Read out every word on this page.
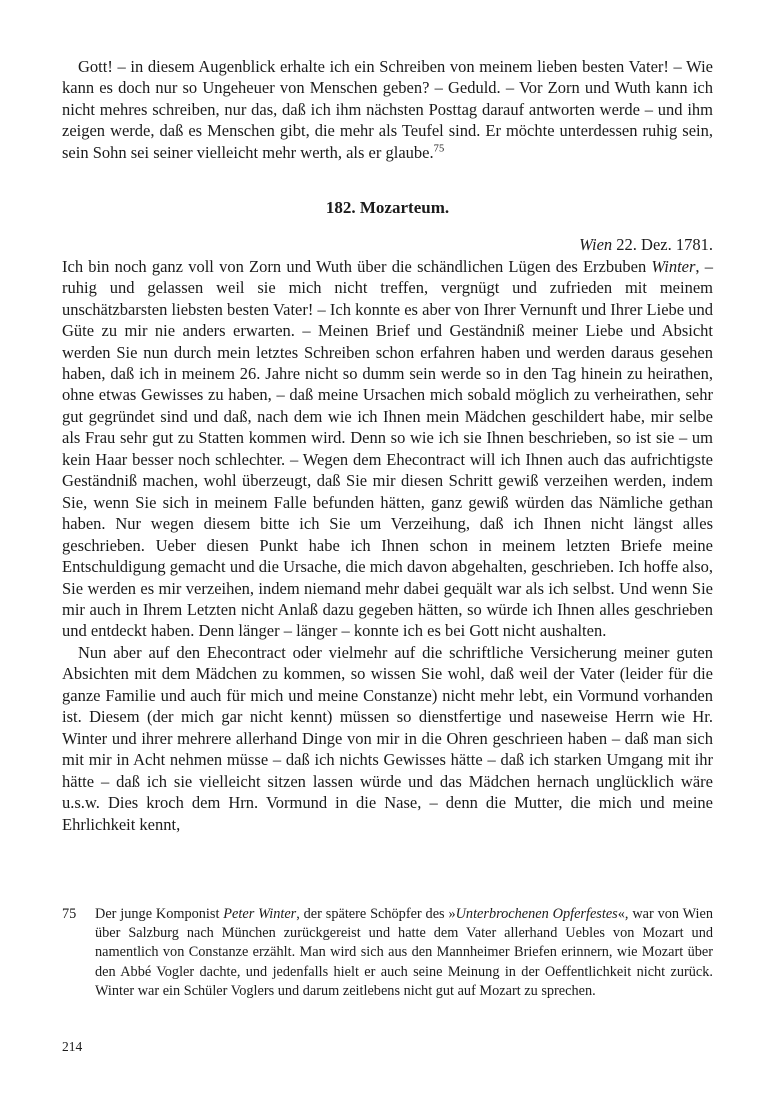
Gott! – in diesem Augenblick erhalte ich ein Schreiben von meinem lieben besten Vater! – Wie kann es doch nur so Ungeheuer von Menschen geben? – Geduld. – Vor Zorn und Wuth kann ich nicht mehres schreiben, nur das, daß ich ihm nächsten Posttag darauf antworten werde – und ihm zeigen werde, daß es Menschen gibt, die mehr als Teufel sind. Er möchte unterdessen ruhig sein, sein Sohn sei seiner vielleicht mehr werth, als er glaube.$^{75}$

182. Mozarteum.

Wien 22. Dez. 1781.

Ich bin noch ganz voll von Zorn und Wuth über die schändlichen Lügen des Erzbuben Winter, – ruhig und gelassen weil sie mich nicht treffen, vergnügt und zufrieden mit meinem unschätzbarsten liebsten besten Vater! – Ich konnte es aber von Ihrer Vernunft und Ihrer Liebe und Güte zu mir nie anders erwarten. – Meinen Brief und Geständniß meiner Liebe und Absicht werden Sie nun durch mein letztes Schreiben schon erfahren haben und werden daraus gesehen haben, daß ich in meinem 26. Jahre nicht so dumm sein werde so in den Tag hinein zu heirathen, ohne etwas Gewisses zu haben, – daß meine Ursachen mich sobald möglich zu verheirathen, sehr gut gegründet sind und daß, nach dem wie ich Ihnen mein Mädchen geschildert habe, mir selbe als Frau sehr gut zu Statten kommen wird. Denn so wie ich sie Ihnen beschrieben, so ist sie – um kein Haar besser noch schlechter. – Wegen dem Ehecontract will ich Ihnen auch das aufrichtigste Geständniß machen, wohl überzeugt, daß Sie mir diesen Schritt gewiß verzeihen werden, indem Sie, wenn Sie sich in meinem Falle befunden hätten, ganz gewiß würden das Nämliche gethan haben. Nur wegen diesem bitte ich Sie um Verzeihung, daß ich Ihnen nicht längst alles geschrieben. Ueber diesen Punkt habe ich Ihnen schon in meinem letzten Briefe meine Entschuldigung gemacht und die Ursache, die mich davon abgehalten, geschrieben. Ich hoffe also, Sie werden es mir verzeihen, indem niemand mehr dabei gequält war als ich selbst. Und wenn Sie mir auch in Ihrem Letzten nicht Anlaß dazu gegeben hätten, so würde ich Ihnen alles geschrieben und entdeckt haben. Denn länger – länger – konnte ich es bei Gott nicht aushalten.

Nun aber auf den Ehecontract oder vielmehr auf die schriftliche Versicherung meiner guten Absichten mit dem Mädchen zu kommen, so wissen Sie wohl, daß weil der Vater (leider für die ganze Familie und auch für mich und meine Constanze) nicht mehr lebt, ein Vormund vorhanden ist. Diesem (der mich gar nicht kennt) müssen so dienstfertige und naseweise Herrn wie Hr. Winter und ihrer mehrere allerhand Dinge von mir in die Ohren geschrieen haben – daß man sich mit mir in Acht nehmen müsse – daß ich nichts Gewisses hätte – daß ich starken Umgang mit ihr hätte – daß ich sie vielleicht sitzen lassen würde und das Mädchen hernach unglücklich wäre u.s.w. Dies kroch dem Hrn. Vormund in die Nase, – denn die Mutter, die mich und meine Ehrlichkeit kennt,

75	Der junge Komponist Peter Winter, der spätere Schöpfer des »Unterbrochenen Opferfestes«, war von Wien über Salzburg nach München zurückgereist und hatte dem Vater allerhand Uebles von Mozart und namentlich von Constanze erzählt. Man wird sich aus den Mannheimer Briefen erinnern, wie Mozart über den Abbé Vogler dachte, und jedenfalls hielt er auch seine Meinung in der Oeffentlichkeit nicht zurück. Winter war ein Schüler Voglers und darum zeitlebens nicht gut auf Mozart zu sprechen.
214
